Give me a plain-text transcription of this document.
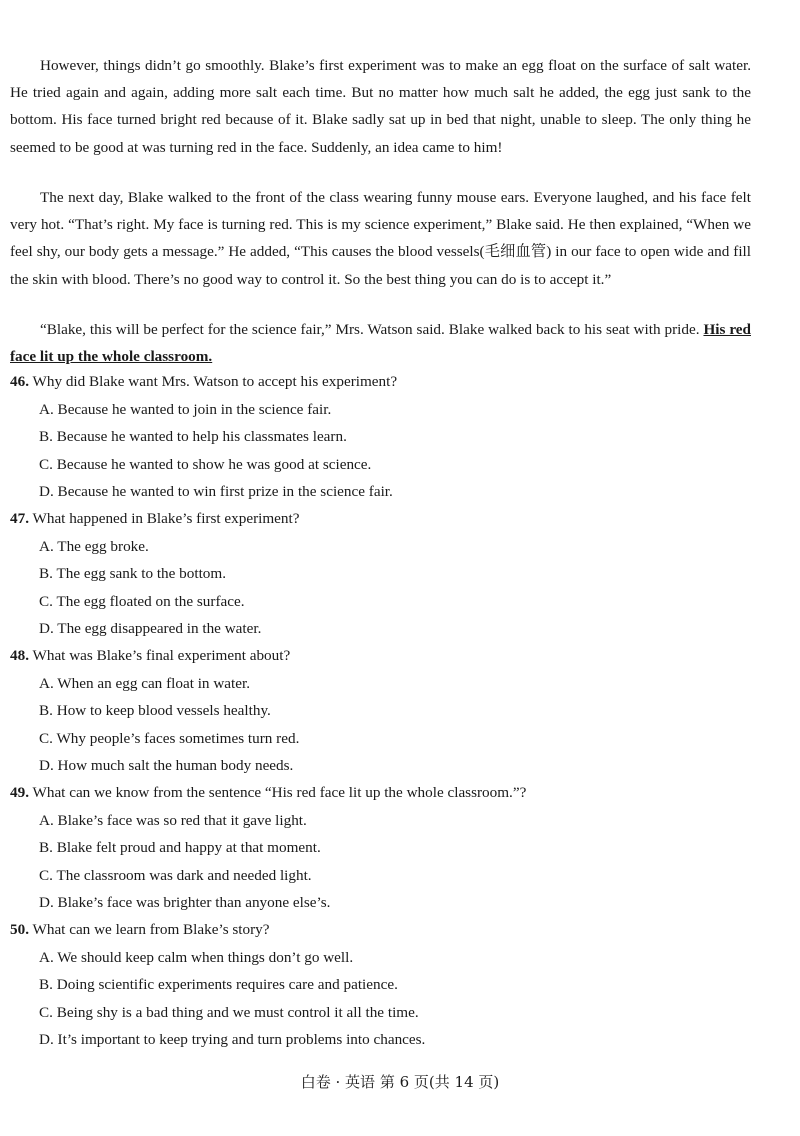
However, things didn’t go smoothly. Blake’s first experiment was to make an egg float on the surface of salt water. He tried again and again, adding more salt each time. But no matter how much salt he added, the egg just sank to the bottom. His face turned bright red because of it. Blake sadly sat up in bed that night, unable to sleep. The only thing he seemed to be good at was turning red in the face. Suddenly, an idea came to him!

The next day, Blake walked to the front of the class wearing funny mouse ears. Everyone laughed, and his face felt very hot. “That’s right. My face is turning red. This is my science experiment,” Blake said. He then explained, “When we feel shy, our body gets a message.” He added, “This causes the blood vessels(毛细血管) in our face to open wide and fill the skin with blood. There’s no good way to control it. So the best thing you can do is to accept it.”

“Blake, this will be perfect for the science fair,” Mrs. Watson said. Blake walked back to his seat with pride. His red face lit up the whole classroom.

46. Why did Blake want Mrs. Watson to accept his experiment?
A. Because he wanted to join in the science fair.
B. Because he wanted to help his classmates learn.
C. Because he wanted to show he was good at science.
D. Because he wanted to win first prize in the science fair.
47. What happened in Blake’s first experiment?
A. The egg broke.
B. The egg sank to the bottom.
C. The egg floated on the surface.
D. The egg disappeared in the water.
48. What was Blake’s final experiment about?
A. When an egg can float in water.
B. How to keep blood vessels healthy.
C. Why people’s faces sometimes turn red.
D. How much salt the human body needs.
49. What can we know from the sentence “His red face lit up the whole classroom.”?
A. Blake’s face was so red that it gave light.
B. Blake felt proud and happy at that moment.
C. The classroom was dark and needed light.
D. Blake’s face was brighter than anyone else’s.
50. What can we learn from Blake’s story?
A. We should keep calm when things don’t go well.
B. Doing scientific experiments requires care and patience.
C. Being shy is a bad thing and we must control it all the time.
D. It’s important to keep trying and turn problems into chances.
白卷 · 英语 第 6 页(共 14 页)
